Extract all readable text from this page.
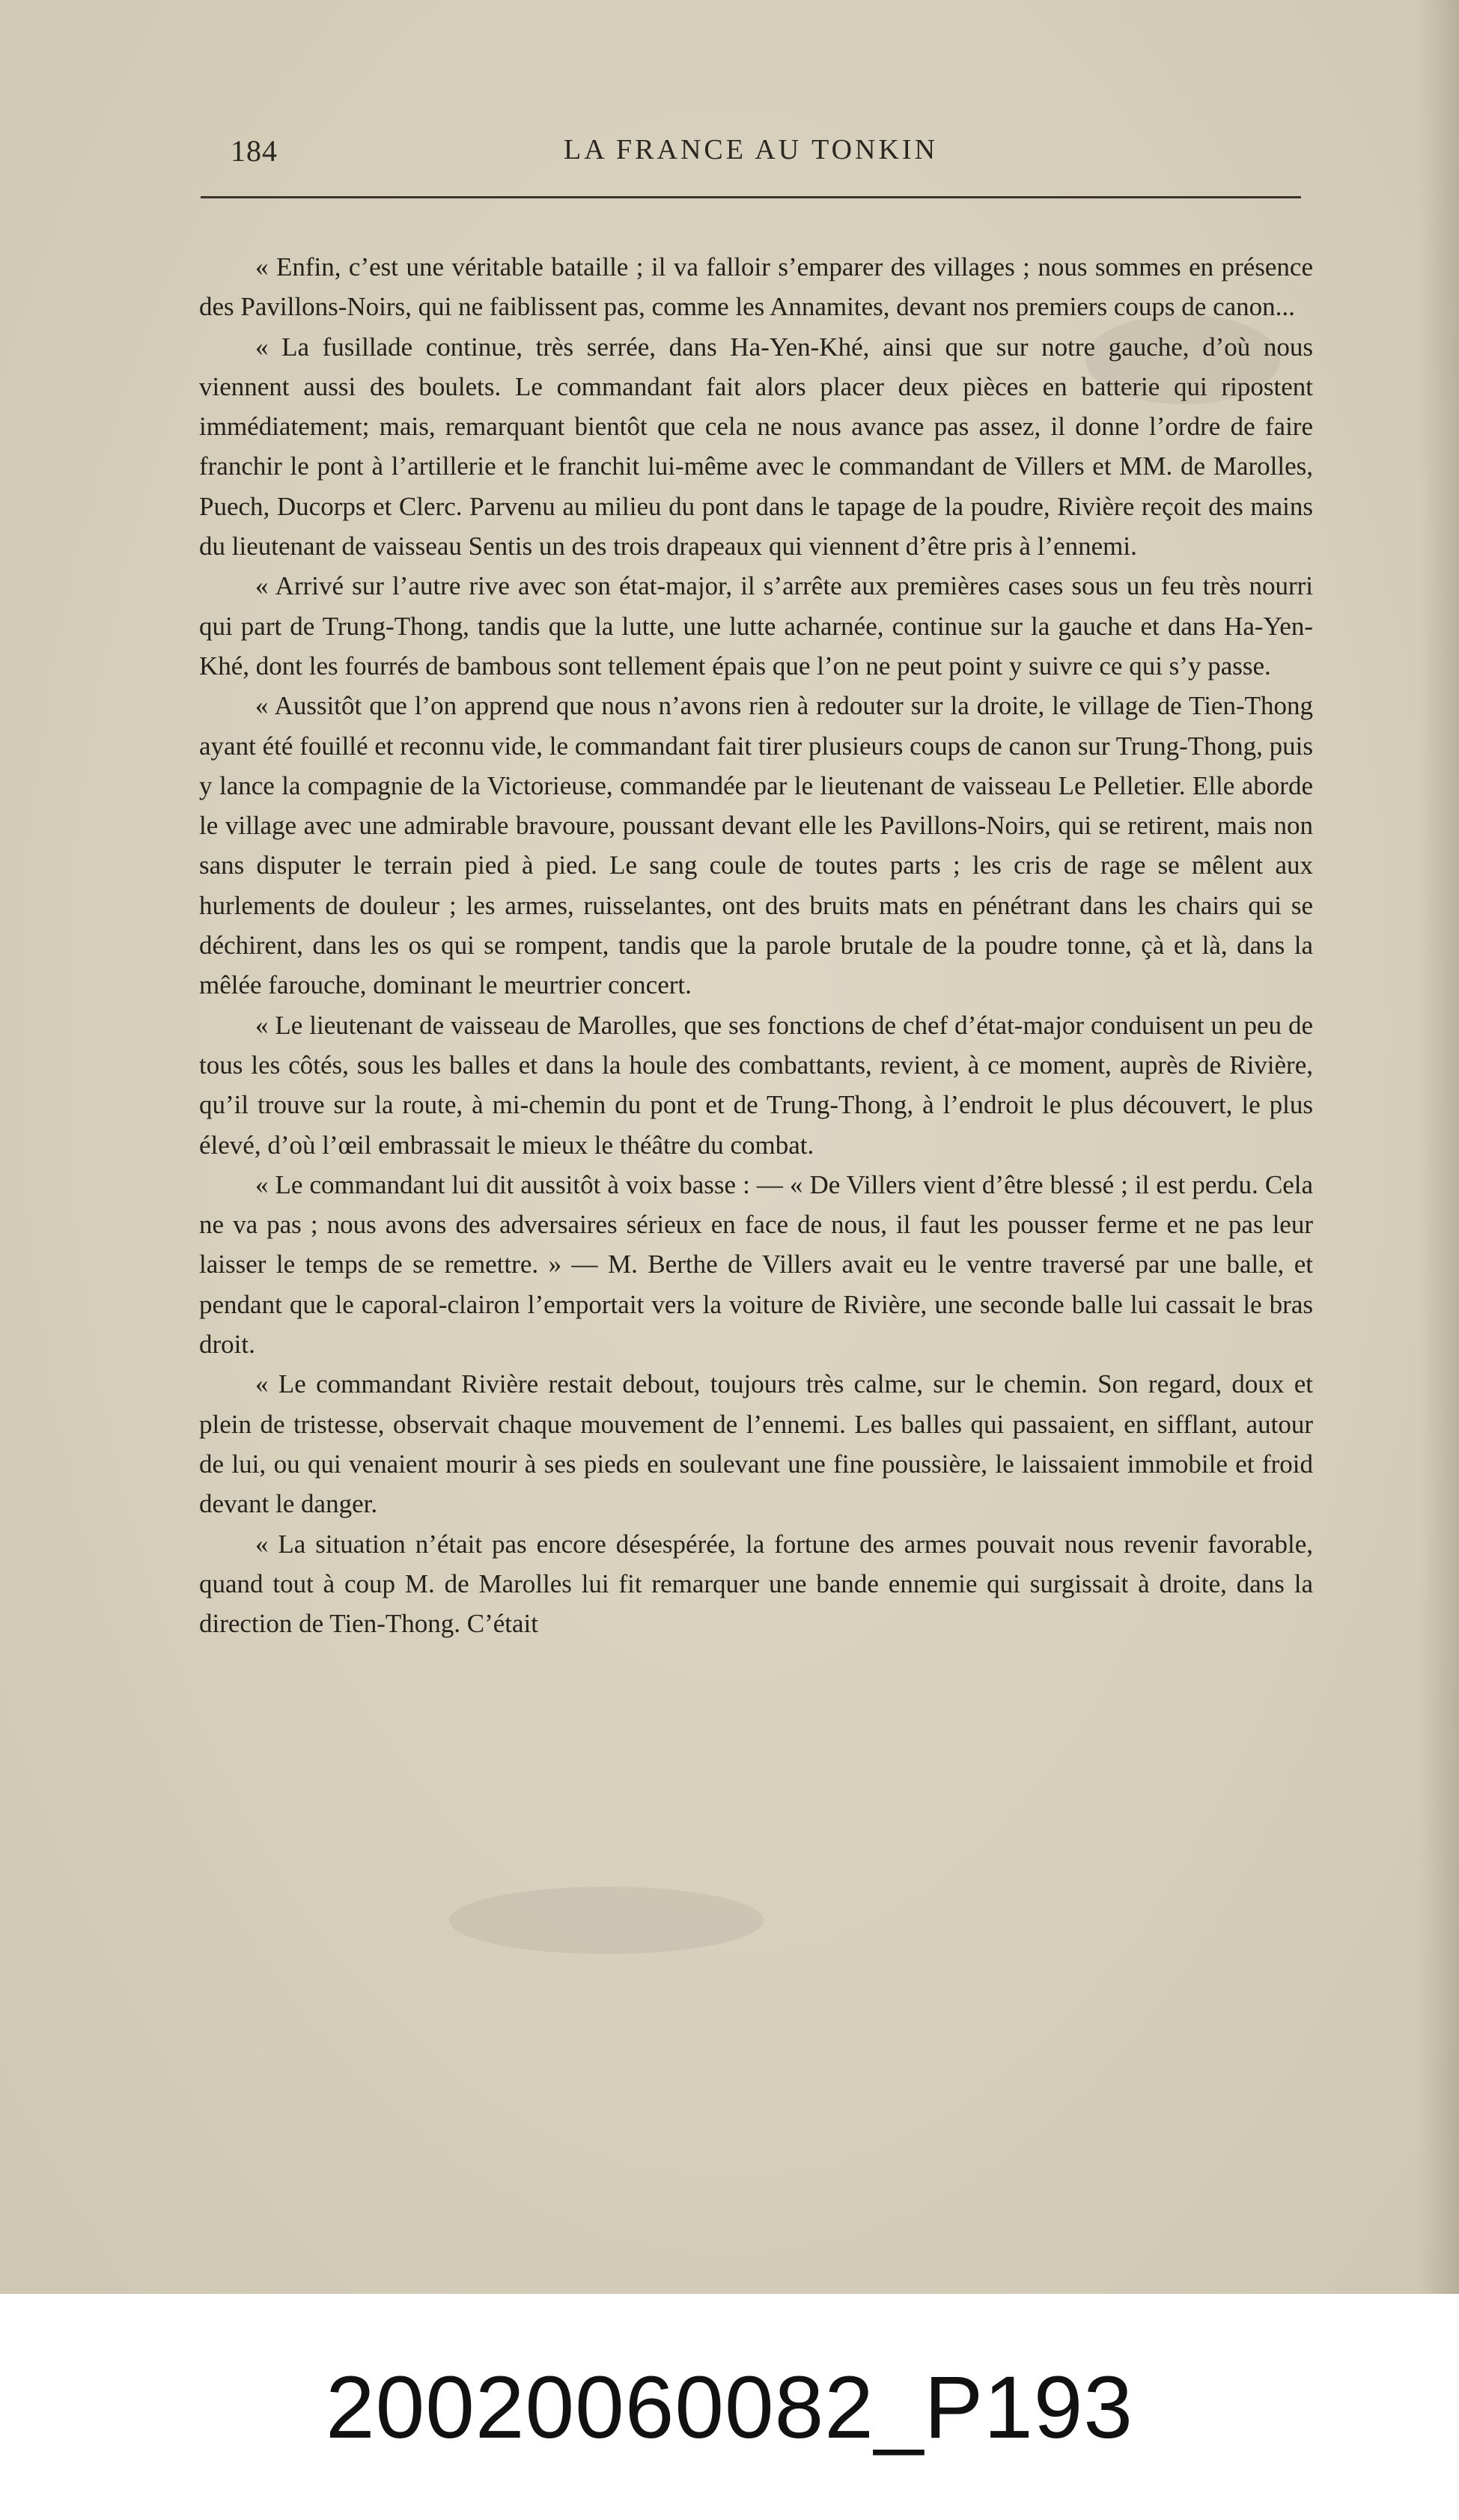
184	LA FRANCE AU TONKIN

« Enfin, c’est une véritable bataille ; il va falloir s’emparer des villages ; nous sommes en présence des Pavillons-Noirs, qui ne faiblissent pas, comme les Annamites, devant nos premiers coups de canon...

« La fusillade continue, très serrée, dans Ha-Yen-Khé, ainsi que sur notre gauche, d’où nous viennent aussi des boulets. Le commandant fait alors placer deux pièces en batterie qui ripostent immédiatement; mais, remarquant bientôt que cela ne nous avance pas assez, il donne l’ordre de faire franchir le pont à l’artillerie et le franchit lui-même avec le commandant de Villers et MM. de Marolles, Puech, Ducorps et Clerc. Parvenu au milieu du pont dans le tapage de la poudre, Rivière reçoit des mains du lieutenant de vaisseau Sentis un des trois drapeaux qui viennent d’être pris à l’ennemi.

« Arrivé sur l’autre rive avec son état-major, il s’arrête aux premières cases sous un feu très nourri qui part de Trung-Thong, tandis que la lutte, une lutte acharnée, continue sur la gauche et dans Ha-Yen-Khé, dont les fourrés de bambous sont tellement épais que l’on ne peut point y suivre ce qui s’y passe.

« Aussitôt que l’on apprend que nous n’avons rien à redouter sur la droite, le village de Tien-Thong ayant été fouillé et reconnu vide, le commandant fait tirer plusieurs coups de canon sur Trung-Thong, puis y lance la compagnie de la Victorieuse, commandée par le lieutenant de vaisseau Le Pelletier. Elle aborde le village avec une admirable bravoure, poussant devant elle les Pavillons-Noirs, qui se retirent, mais non sans disputer le terrain pied à pied. Le sang coule de toutes parts ; les cris de rage se mêlent aux hurlements de douleur ; les armes, ruisselantes, ont des bruits mats en pénétrant dans les chairs qui se déchirent, dans les os qui se rompent, tandis que la parole brutale de la poudre tonne, çà et là, dans la mêlée farouche, dominant le meurtrier concert.

« Le lieutenant de vaisseau de Marolles, que ses fonctions de chef d’état-major conduisent un peu de tous les côtés, sous les balles et dans la houle des combattants, revient, à ce moment, auprès de Rivière, qu’il trouve sur la route, à mi-chemin du pont et de Trung-Thong, à l’endroit le plus découvert, le plus élevé, d’où l’œil embrassait le mieux le théâtre du combat.

« Le commandant lui dit aussitôt à voix basse : — « De Villers vient d’être blessé ; il est perdu. Cela ne va pas ; nous avons des adversaires sérieux en face de nous, il faut les pousser ferme et ne pas leur laisser le temps de se remettre. » — M. Berthe de Villers avait eu le ventre traversé par une balle, et pendant que le caporal-clairon l’emportait vers la voiture de Rivière, une seconde balle lui cassait le bras droit.

« Le commandant Rivière restait debout, toujours très calme, sur le chemin. Son regard, doux et plein de tristesse, observait chaque mouvement de l’ennemi. Les balles qui passaient, en sifflant, autour de lui, ou qui venaient mourir à ses pieds en soulevant une fine poussière, le laissaient immobile et froid devant le danger.

« La situation n’était pas encore désespérée, la fortune des armes pouvait nous revenir favorable, quand tout à coup M. de Marolles lui fit remarquer une bande ennemie qui surgissait à droite, dans la direction de Tien-Thong. C’était

20020060082_P193
